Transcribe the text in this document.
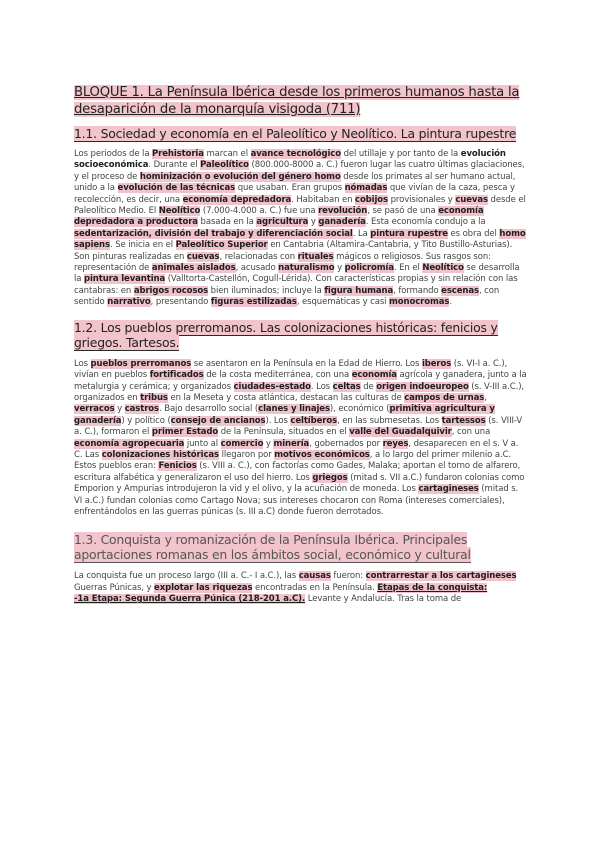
BLOQUE 1. La Península Ibérica desde los primeros humanos hasta la desaparición de la monarquía visigoda (711)
1.1. Sociedad y economía en el Paleolítico y Neolítico. La pintura rupestre

Los periodos de la Prehistoria marcan el avance tecnológico del utillaje y por tanto de la evolución socioeconómica. Durante el Paleolítico (800.000-8000 a. C.) fueron lugar las cuatro últimas glaciaciones, y el proceso de hominización o evolución del género homo desde los primates al ser humano actual, unido a la evolución de las técnicas que usaban. Eran grupos nómadas que vivían de la caza, pesca y recolección, es decir, una economía depredadora. Habitaban en cobijos provisionales y cuevas desde el Paleolítico Medio. El Neolítico (7.000-4.000 a. C.) fue una revolución, se pasó de una economía depredadora a productora basada en la agricultura y ganadería. Esta economía condujo a la sedentarización, división del trabajo y diferenciación social. La pintura rupestre es obra del homo sapiens. Se inicia en el Paleolítico Superior en Cantabria (Altamira-Cantabria, y Tito Bustillo-Asturias). Son pinturas realizadas en cuevas, relacionadas con rituales mágicos o religiosos. Sus rasgos son: representación de animales aislados, acusado naturalismo y policromía. En el Neolítico se desarrolla la pintura levantina (Valltorta-Castellón, Cogull-Lérida). Con características propias y sin relación con las cantabras: en abrigos rocosos bien iluminados; incluye la figura humana, formando escenas, con sentido narrativo, presentando figuras estilizadas, esquemáticas y casi monocromas.

1.2. Los pueblos prerromanos. Las colonizaciones históricas: fenicios y griegos. Tartesos.

Los pueblos prerromanos se asentaron en la Península en la Edad de Hierro. Los iberos (s. VI-I a. C.), vivían en pueblos fortificados de la costa mediterránea, con una economía agrícola y ganadera, junto a la metalurgia y cerámica; y organizados ciudades-estado. Los celtas de origen indoeuropeo (s. V-III a.C.), organizados en tribus en la Meseta y costa atlántica, destacan las culturas de campos de urnas, verracos y castros. Bajo desarrollo social (clanes y linajes), económico (primitiva agricultura y ganadería) y político (consejo de ancianos). Los celtíberos, en las submesetas. Los tartessos (s. VIII-V a. C.), formaron el primer Estado de la Península, situados en el valle del Guadalquivir, con una economía agropecuaria junto al comercio y minería, gobernados por reyes, desaparecen en el s. V a. C. Las colonizaciones históricas llegaron por motivos económicos, a lo largo del primer milenio a.C. Estos pueblos eran: Fenicios (s. VIII a. C.), con factorías como Gades, Malaka; aportan el torno de alfarero, escritura alfabética y generalizaron el uso del hierro. Los griegos (mitad s. VII a.C.) fundaron colonias como Emporion y Ampurias introdujeron la vid y el olivo, y la acuñación de moneda. Los cartagineses (mitad s. VI a.C.) fundan colonias como Cartago Nova; sus intereses chocaron con Roma (intereses comerciales), enfrentándolos en las guerras púnicas (s. III a.C) donde fueron derrotados.

1.3. Conquista y romanización de la Península Ibérica. Principales aportaciones romanas en los ámbitos social, económico y cultural

La conquista fue un proceso largo (III a. C.- I a.C.), las causas fueron: contrarrestar a los cartagineses Guerras Púnicas, y explotar las riquezas encontradas en la Península. Etapas de la conquista:
-1a Etapa: Segunda Guerra Púnica (218-201 a.C). Levante y Andalucía. Tras la toma de
